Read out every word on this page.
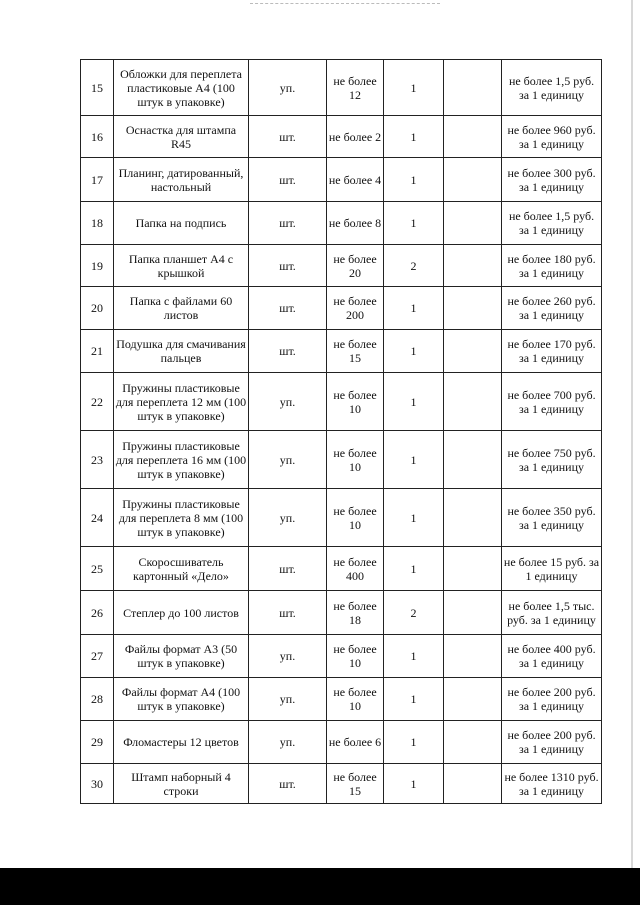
15	Обложки для переплета пластиковые А4 (100 штук в упаковке)	уп.	не более 12	1		не более 1,5 руб. за 1 единицу
16	Оснастка для штампа R45	шт.	не более 2	1		не более 960 руб. за 1 единицу
17	Планинг, датированный, настольный	шт.	не более 4	1		не более 300 руб. за 1 единицу
18	Папка на подпись	шт.	не более 8	1		не более 1,5 руб. за 1 единицу
19	Папка планшет А4 с крышкой	шт.	не более 20	2		не более 180 руб. за 1 единицу
20	Папка с файлами 60 листов	шт.	не более 200	1		не более 260 руб. за 1 единицу
21	Подушка для смачивания пальцев	шт.	не более 15	1		не более 170 руб. за 1 единицу
22	Пружины пластиковые для переплета 12 мм (100 штук в упаковке)	уп.	не более 10	1		не более 700 руб. за 1 единицу
23	Пружины пластиковые для переплета 16 мм (100 штук в упаковке)	уп.	не более 10	1		не более 750 руб. за 1 единицу
24	Пружины пластиковые для переплета 8 мм (100 штук в упаковке)	уп.	не более 10	1		не более 350 руб. за 1 единицу
25	Скоросшиватель картонный «Дело»	шт.	не более 400	1		не более 15 руб. за 1 единицу
26	Степлер до 100 листов	шт.	не более 18	2		не более 1,5 тыс. руб. за 1 единицу
27	Файлы формат А3 (50 штук в упаковке)	уп.	не более 10	1		не более 400 руб. за 1 единицу
28	Файлы формат А4 (100 штук в упаковке)	уп.	не более 10	1		не более 200 руб. за 1 единицу
29	Фломастеры 12 цветов	уп.	не более 6	1		не более 200 руб. за 1 единицу
30	Штамп наборный 4 строки	шт.	не более 15	1		не более 1310 руб. за 1 единицу
